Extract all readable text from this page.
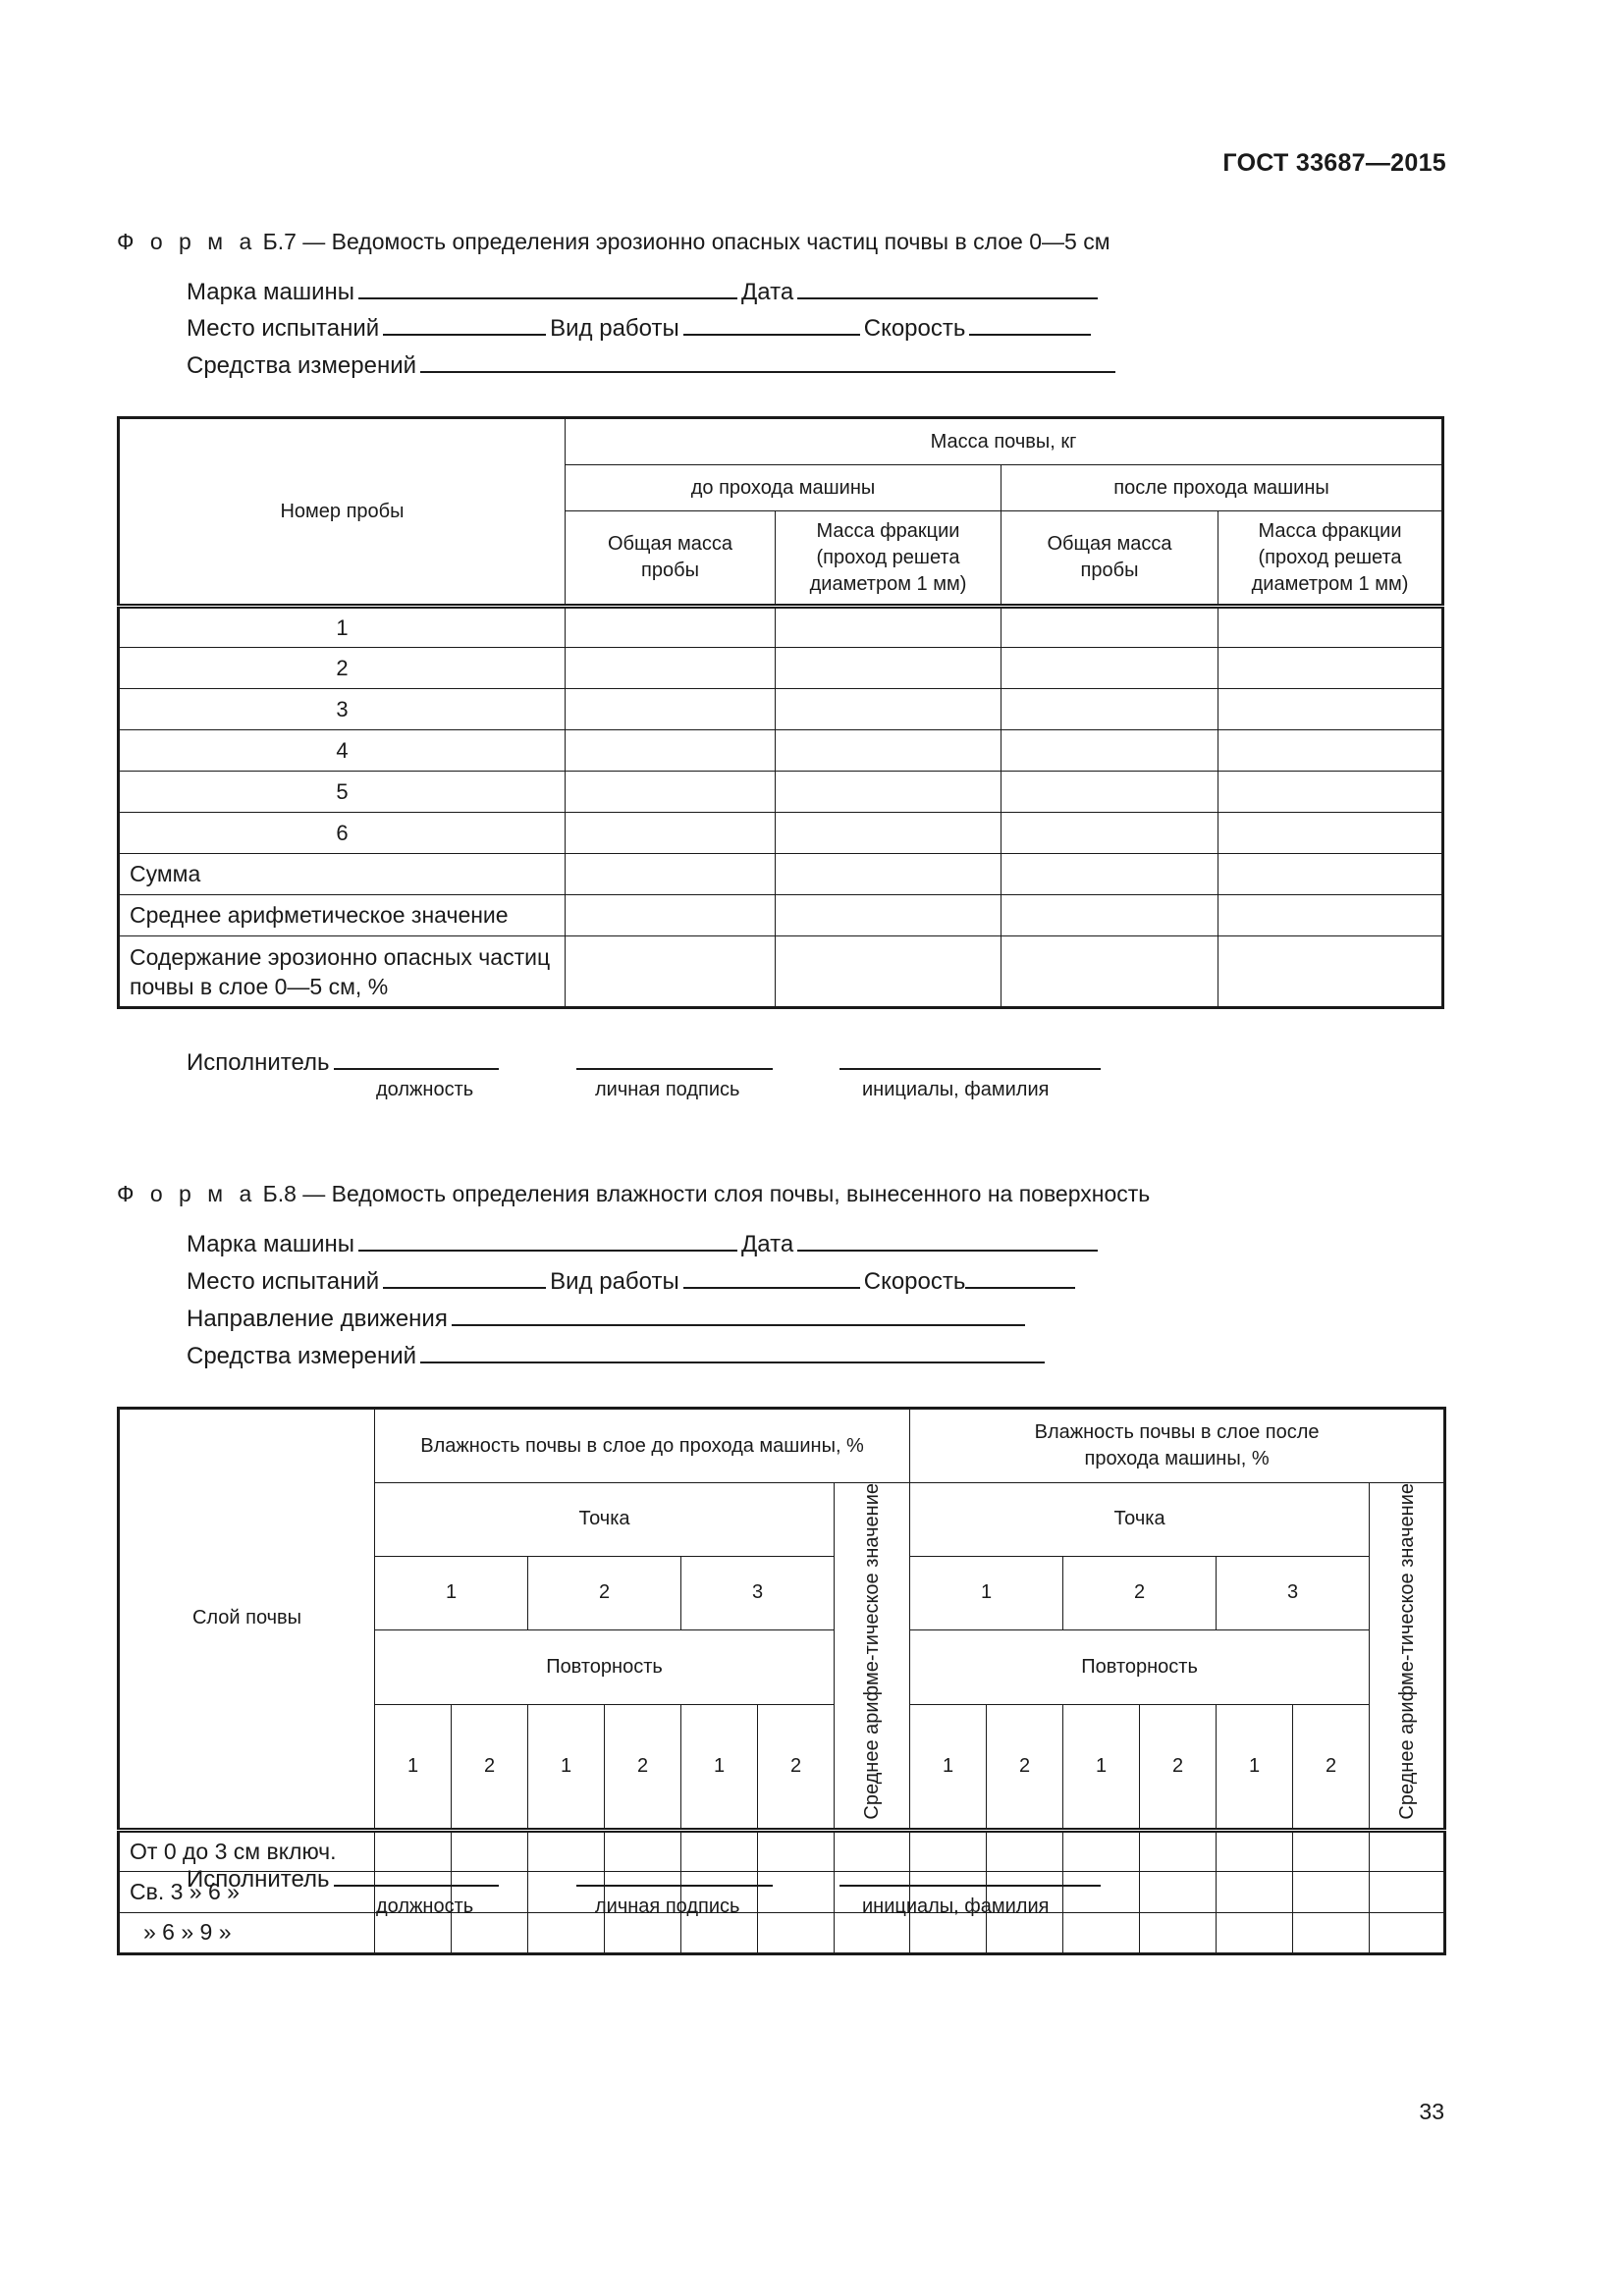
ГОСТ 33687—2015
Ф о р м а Б.7 — Ведомость определения эрозионно опасных частиц почвы в слое 0—5 см
Марка машины	Дата
Место испытаний	Вид работы	Скорость
Средства измерений
Номер пробы	Масса почвы, кг			
	до прохода машины		после прохода машины	
	Общая масса пробы	Масса фракции (проход решета диаметром 1 мм)	Общая масса пробы	Масса фракции (проход решета диаметром 1 мм)
1				
2				
3				
4				
5				
6				
Сумма				
Среднее арифметическое значение				
Содержание эрозионно опасных частиц почвы в слое 0—5 см, %				
Исполнитель
должность	личная подпись	инициалы, фамилия
Ф о р м а Б.8 — Ведомость определения влажности слоя почвы, вынесенного на поверхность
Марка машины	Дата
Место испытаний	Вид работы	Скорость
Направление движения
Средства измерений
Слой почвы	Влажность почвы в слое до прохода машины, %							Влажность почвы в слое после прохода машины, %						
	Точка						Среднее арифме-тическое значение	Точка						Среднее арифме-тическое значение
	1		2		3			1		2		3		
	Повторность							Повторность						
	1	2	1	2	1	2		1	2	1	2	1	2	
От 0 до 3 см включ.														
Св. 3 » 6 »														
» 6 » 9 »														
Исполнитель
должность	личная подпись	инициалы, фамилия
33
